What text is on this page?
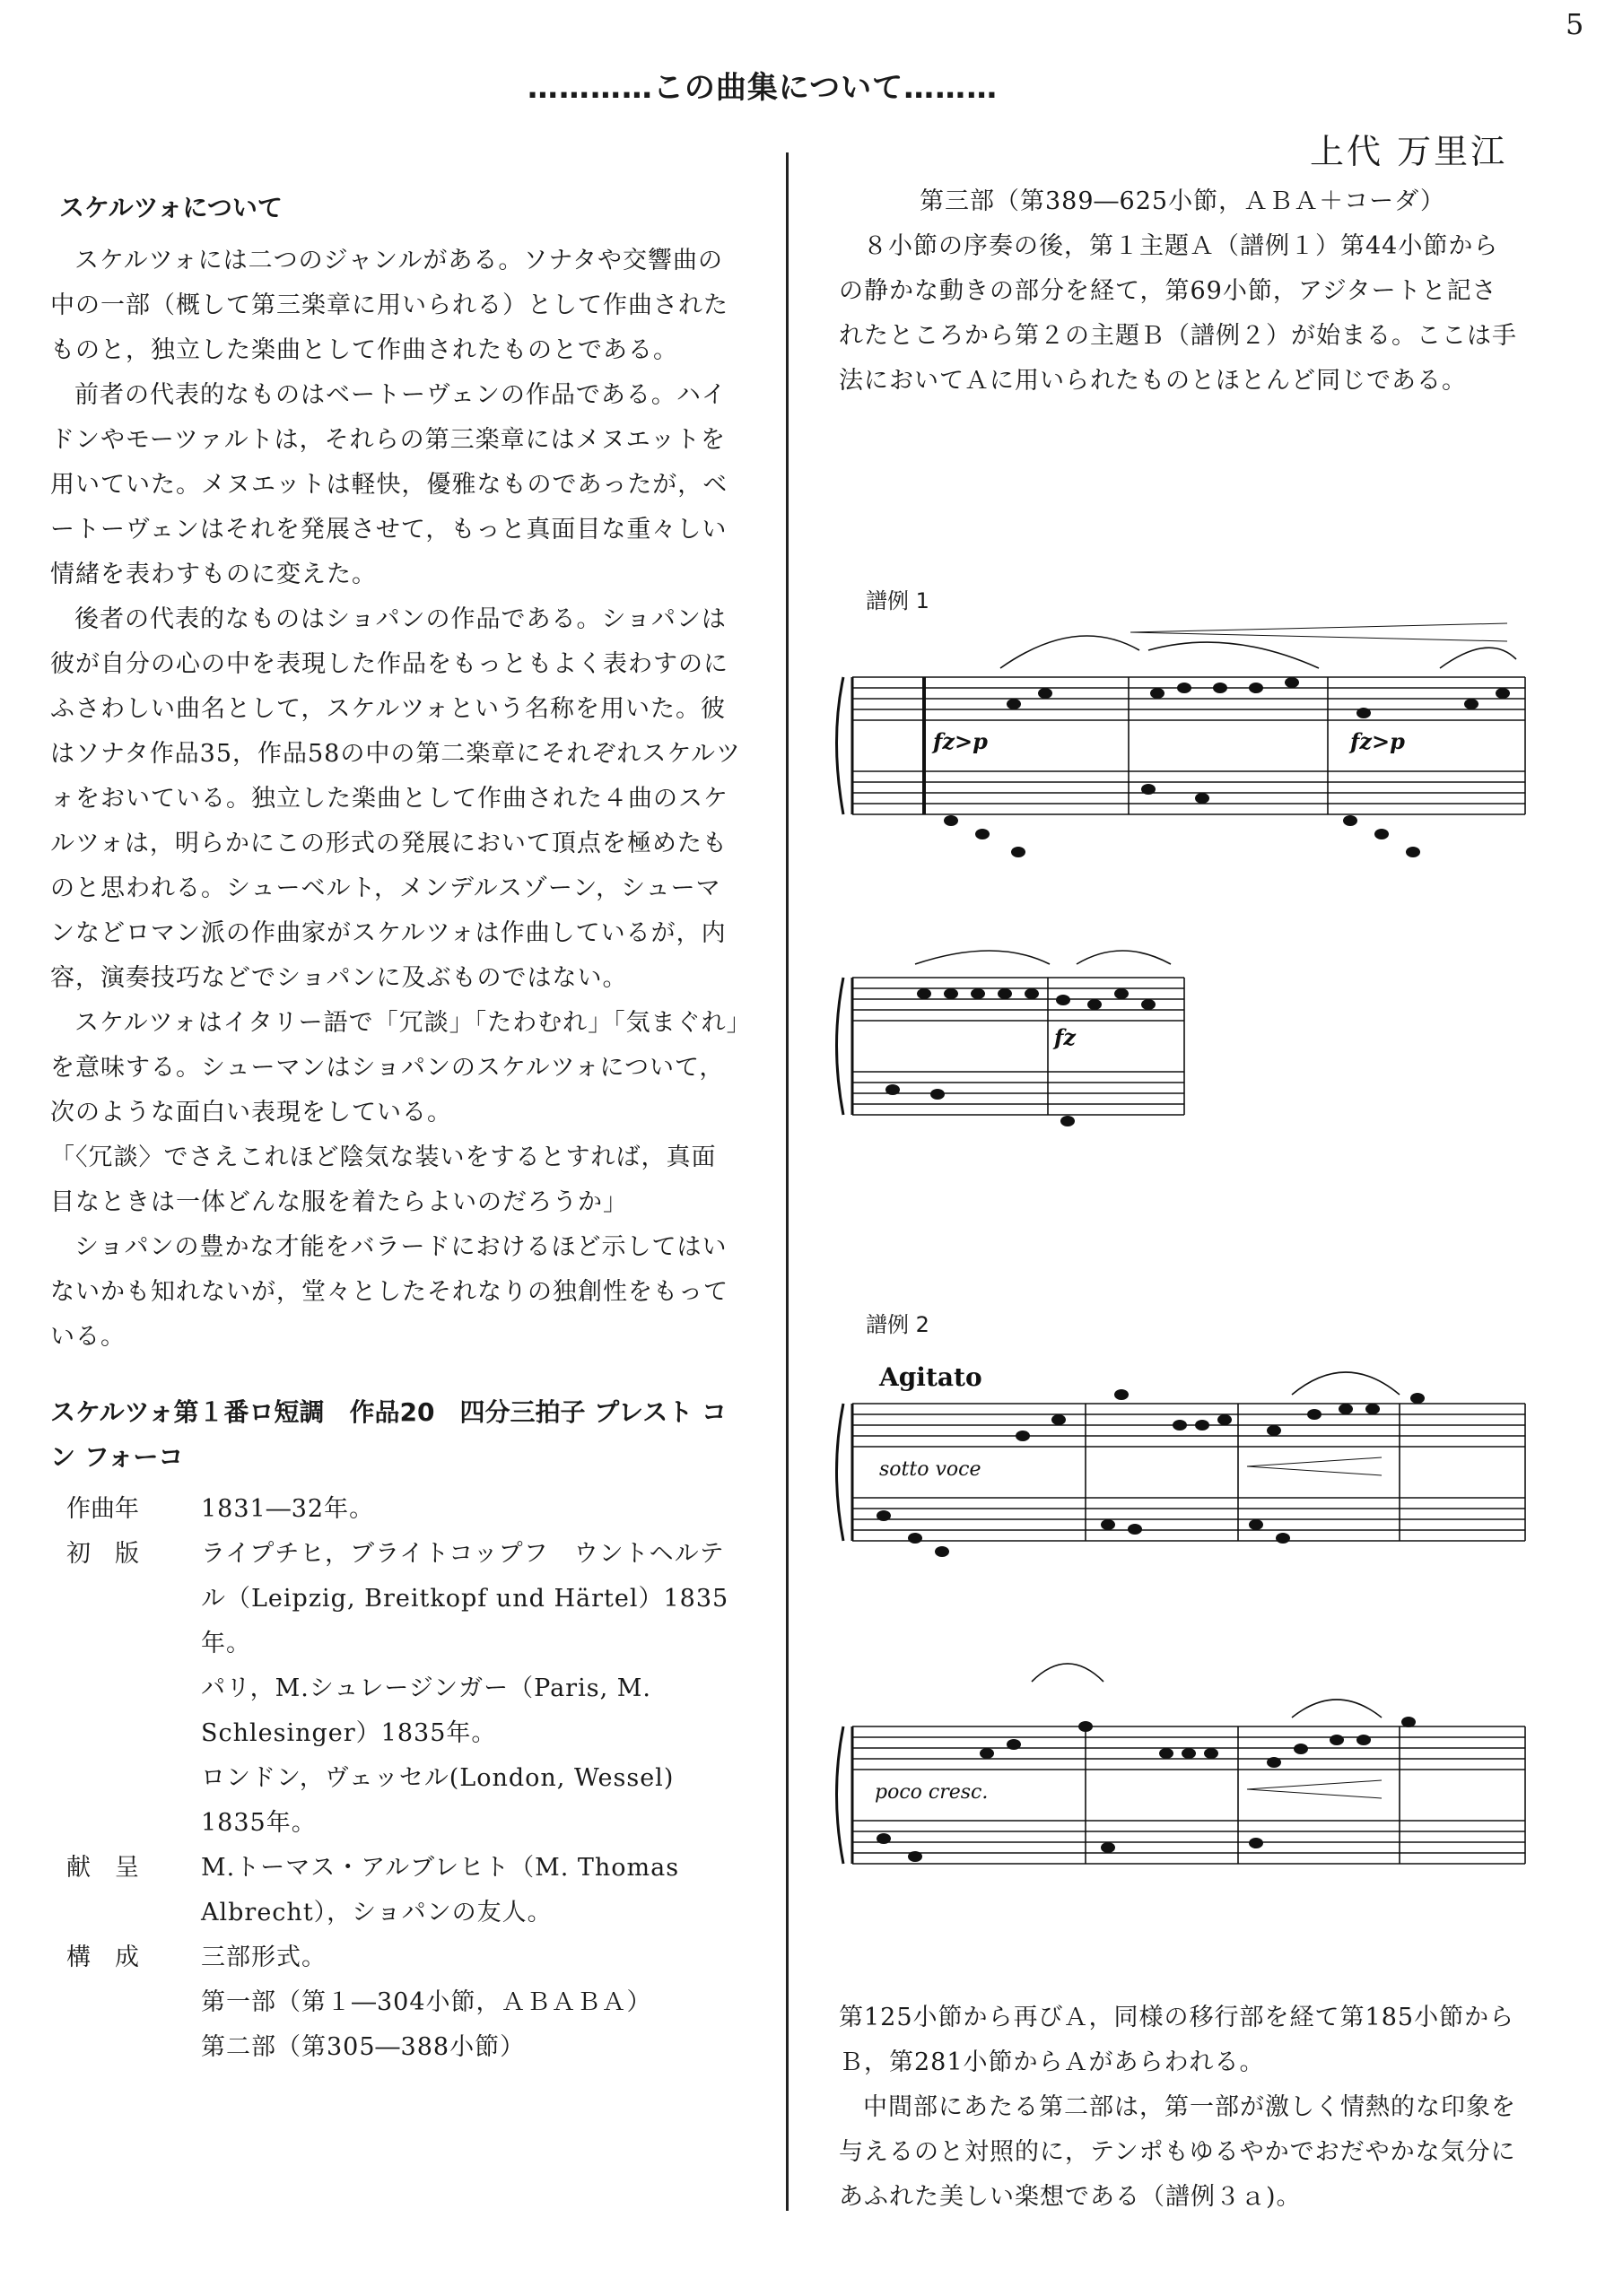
5
…………この曲集について………
上代 万里江
スケルツォについて

スケルツォには二つのジャンルがある。ソナタや交響曲の中の一部（概して第三楽章に用いられる）として作曲されたものと，独立した楽曲として作曲されたものとである。

前者の代表的なものはベートーヴェンの作品である。ハイドンやモーツァルトは，それらの第三楽章にはメヌエットを用いていた。メヌエットは軽快，優雅なものであったが，ベートーヴェンはそれを発展させて，もっと真面目な重々しい情緒を表わすものに変えた。

後者の代表的なものはショパンの作品である。ショパンは彼が自分の心の中を表現した作品をもっともよく表わすのにふさわしい曲名として，スケルツォという名称を用いた。彼はソナタ作品35，作品58の中の第二楽章にそれぞれスケルツォをおいている。独立した楽曲として作曲された４曲のスケルツォは，明らかにこの形式の発展において頂点を極めたものと思われる。シューベルト，メンデルスゾーン，シューマンなどロマン派の作曲家がスケルツォは作曲しているが，内容，演奏技巧などでショパンに及ぶものではない。

スケルツォはイタリー語で「冗談」「たわむれ」「気まぐれ」を意味する。シューマンはショパンのスケルツォについて，次のような面白い表現をしている。

「〈冗談〉でさえこれほど陰気な装いをするとすれば，真面目なときは一体どんな服を着たらよいのだろうか」

ショパンの豊かな才能をバラードにおけるほど示してはいないかも知れないが，堂々としたそれなりの独創性をもっている。

スケルツォ第１番ロ短調　作品20　四分三拍子 プレスト コン フォーコ
作曲年	1831―32年。
初　版	ライプチヒ，ブライトコップフ　ウントヘルテル（Leipzig, Breitkopf und Härtel）1835年。
パリ，M.シュレージンガー（Paris, M. Schlesinger）1835年。
ロンドン，ヴェッセル(London, Wessel) 1835年。
献　呈	M.トーマス・アルブレヒト（M. Thomas Albrecht），ショパンの友人。
構　成	三部形式。
第一部（第１―304小節，ＡＢＡＢＡ）
第二部（第305―388小節）

第三部（第389―625小節，ＡＢＡ＋コーダ）

８小節の序奏の後，第１主題Ａ（譜例１）第44小節からの静かな動きの部分を経て，第69小節，アジタートと記されたところから第２の主題Ｂ（譜例２）が始まる。ここは手法においてＡに用いられたものとほとんど同じである。

譜例 1
譜例 2
fz>p	fz>p
fz
Agitato
sotto voce
poco cresc.

第125小節から再びＡ，同様の移行部を経て第185小節からＢ，第281小節からＡがあらわれる。

中間部にあたる第二部は，第一部が激しく情熱的な印象を与えるのと対照的に，テンポもゆるやかでおだやかな気分にあふれた美しい楽想である（譜例３ａ)。
